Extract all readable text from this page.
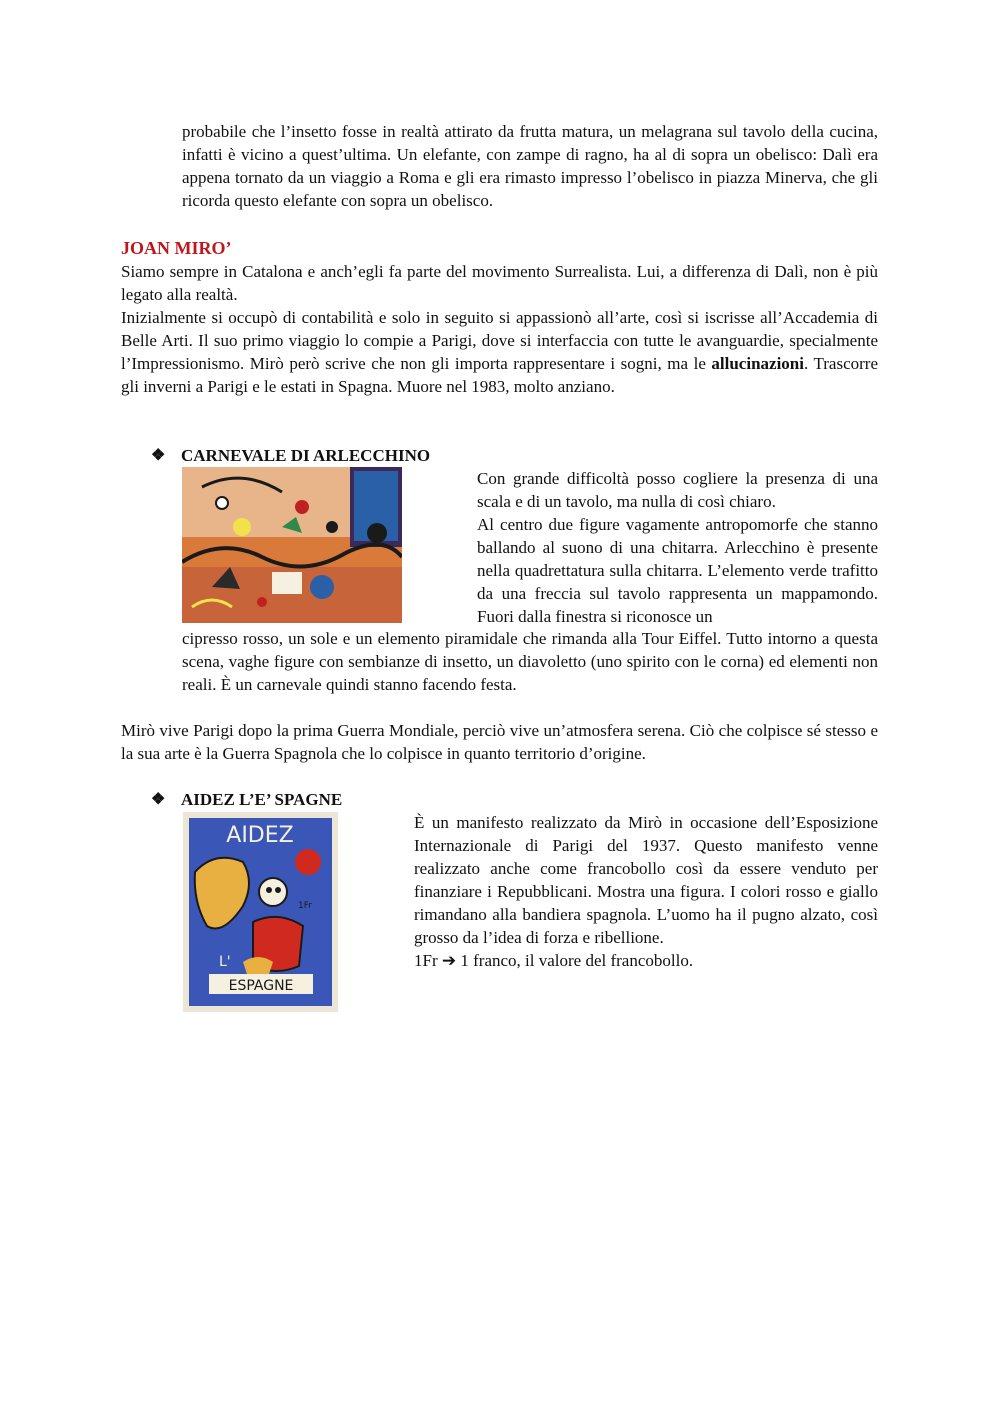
probabile che l’insetto fosse in realtà attirato da frutta matura, un melagrana sul tavolo della cucina, infatti è vicino a quest’ultima. Un elefante, con zampe di ragno, ha al di sopra un obelisco: Dalì era appena tornato da un viaggio a Roma e gli era rimasto impresso l’obelisco in piazza Minerva, che gli ricorda questo elefante con sopra un obelisco.

JOAN MIRO’

Siamo sempre in Catalona e anch’egli fa parte del movimento Surrealista. Lui, a differenza di Dalì, non è più legato alla realtà.

Inizialmente si occupò di contabilità e solo in seguito si appassionò all’arte, così si iscrisse all’Accademia di Belle Arti. Il suo primo viaggio lo compie a Parigi, dove si interfaccia con tutte le avanguardie, specialmente l’Impressionismo. Mirò però scrive che non gli importa rappresentare i sogni, ma le allucinazioni. Trascorre gli inverni a Parigi e le estati in Spagna. Muore nel 1983, molto anziano.

❖ CARNEVALE DI ARLECCHINO

Con grande difficoltà posso cogliere la presenza di una scala e di un tavolo, ma nulla di così chiaro.

Al centro due figure vagamente antropomorfe che stanno ballando al suono di una chitarra. Arlecchino è presente nella quadrettatura sulla chitarra. L’elemento verde trafitto da una freccia sul tavolo rappresenta un mappamondo. Fuori dalla finestra si riconosce un

cipresso rosso, un sole e un elemento piramidale che rimanda alla Tour Eiffel. Tutto intorno a questa scena, vaghe figure con sembianze di insetto, un diavoletto (uno spirito con le corna) ed elementi non reali. È un carnevale quindi stanno facendo festa.

Mirò vive Parigi dopo la prima Guerra Mondiale, perciò vive un’atmosfera serena. Ciò che colpisce sé stesso e la sua arte è la Guerra Spagnola che lo colpisce in quanto territorio d’origine.

❖ AIDEZ L’E’ SPAGNE
AIDEZ
1Fr
L'
ESPAGNE

È un manifesto realizzato da Mirò in occasione dell’Esposizione Internazionale di Parigi del 1937. Questo manifesto venne realizzato anche come francobollo così da essere venduto per finanziare i Repubblicani. Mostra una figura. I colori rosso e giallo rimandano alla bandiera spagnola. L’uomo ha il pugno alzato, così grosso da l’idea di forza e ribellione.

1Fr ➔ 1 franco, il valore del francobollo.
